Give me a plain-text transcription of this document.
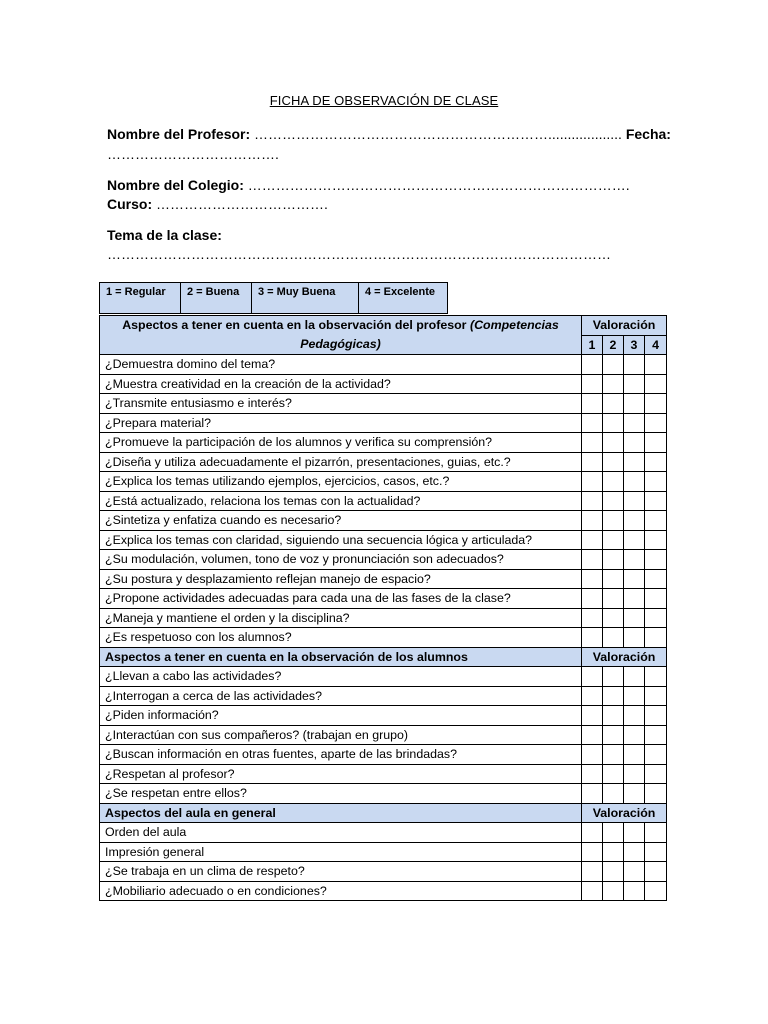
FICHA DE OBSERVACIÓN DE CLASE
Nombre del Profesor: ………………………………………………………................... Fecha:
……………………………….
Nombre del Colegio: ……………………………………………………………………….
Curso: ……………………………….
Tema de la clase:
………………………………………………………………………………………………
1 = Regular	2 = Buena	3 = Muy Buena	4 = Excelente
Aspectos a tener en cuenta en la observación del profesor (Competencias Pedagógicas)	Valoración			
	1	2	3	4
¿Demuestra domino del tema?				
¿Muestra creatividad en la creación de la actividad?				
¿Transmite entusiasmo e interés?				
¿Prepara material?				
¿Promueve la participación de los alumnos y verifica su comprensión?				
¿Diseña y utiliza adecuadamente el pizarrón, presentaciones, guias, etc.?				
¿Explica los temas utilizando ejemplos, ejercicios, casos, etc.?				
¿Está actualizado, relaciona los temas con la actualidad?				
¿Sintetiza y enfatiza cuando es necesario?				
¿Explica los temas con claridad, siguiendo una secuencia lógica y articulada?				
¿Su modulación, volumen, tono de voz y pronunciación son adecuados?				
¿Su postura y desplazamiento reflejan manejo de espacio?				
¿Propone actividades adecuadas para cada una de las fases de la clase?				
¿Maneja y mantiene el orden y la disciplina?				
¿Es respetuoso con los alumnos?				
Aspectos a tener en cuenta en la observación de los alumnos	Valoración			
¿Llevan a cabo las actividades?				
¿Interrogan a cerca de las actividades?				
¿Piden información?				
¿Interactúan con sus compañeros? (trabajan en grupo)				
¿Buscan información en otras fuentes, aparte de las brindadas?				
¿Respetan al profesor?				
¿Se respetan entre ellos?				
Aspectos del aula en general	Valoración			
Orden del aula				
Impresión general				
¿Se trabaja en un clima de respeto?				
¿Mobiliario adecuado o en condiciones?				
